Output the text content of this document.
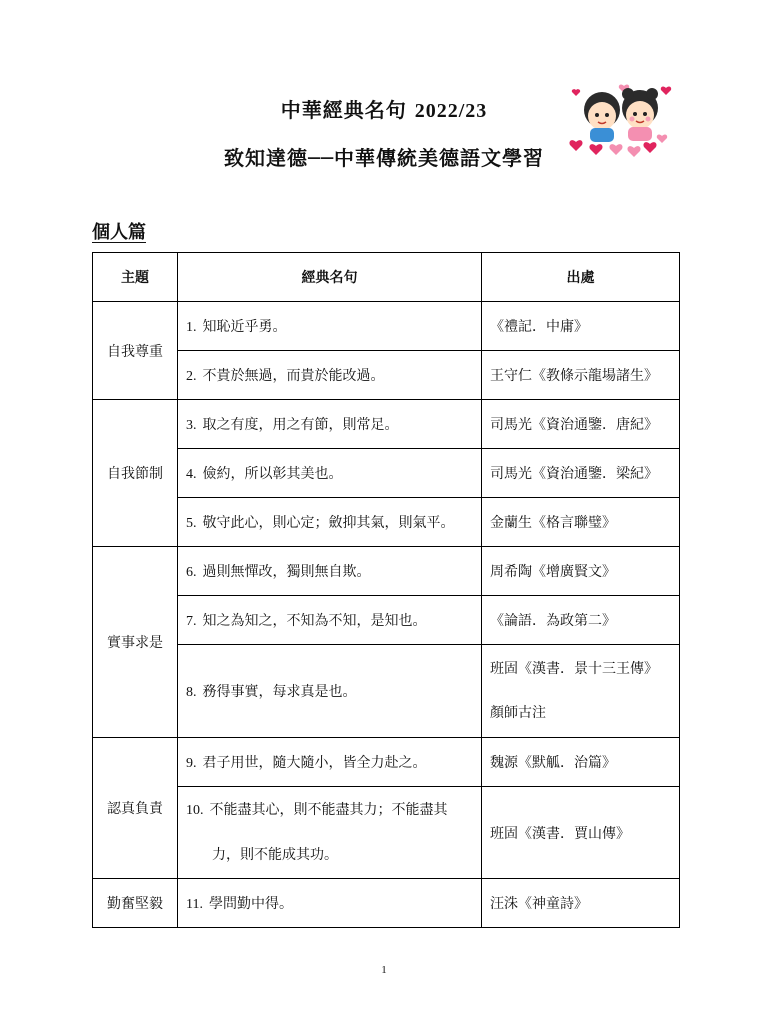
中華經典名句 2022/23
致知達德──中華傳統美德語文學習
個人篇
主題	經典名句	出處
自我尊重	1. 知恥近乎勇。	《禮記．中庸》
	2. 不貴於無過，而貴於能改過。	王守仁《教條示龍場諸生》
自我節制	3. 取之有度，用之有節，則常足。	司馬光《資治通鑒．唐紀》
	4. 儉約，所以彰其美也。	司馬光《資治通鑒．梁紀》
	5. 敬守此心，則心定；斂抑其氣，則氣平。	金蘭生《格言聯璧》
實事求是	6. 過則無憚改，獨則無自欺。	周希陶《增廣賢文》
	7. 知之為知之，不知為不知，是知也。	《論語．為政第二》
	8. 務得事實，每求真是也。	班固《漢書．景十三王傳》
顏師古注

認真負責	9. 君子用世，隨大隨小，皆全力赴之。	魏源《默觚．治篇》

	10. 不能盡其心，則不能盡其力；不能盡其
力，則不能成其功。	班固《漢書．賈山傳》
勤奮堅毅	11. 學問勤中得。	汪洙《神童詩》
1
